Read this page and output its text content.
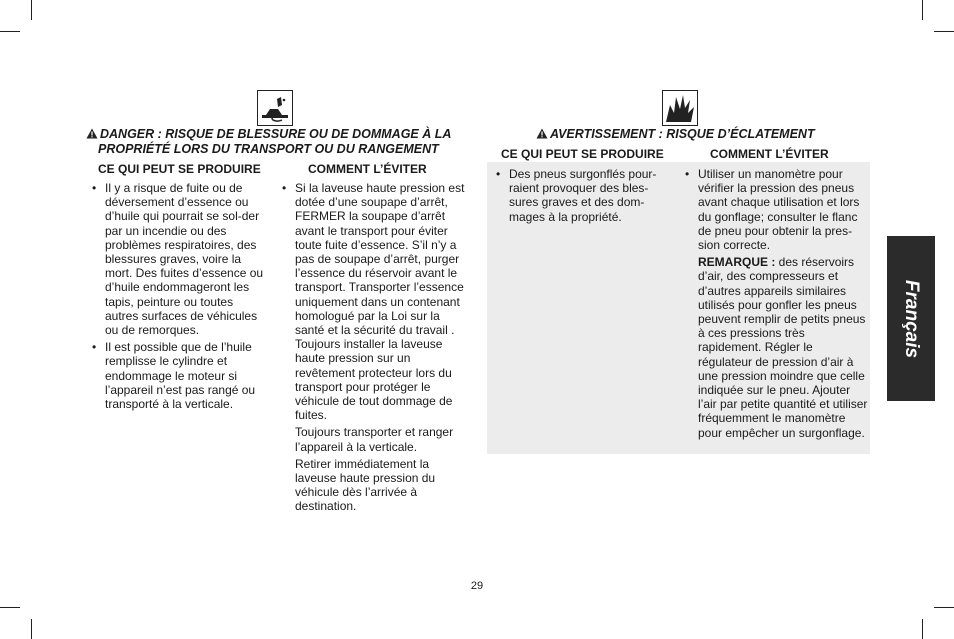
DANGER : RISQUE DE BLESSURE OU DE DOMMAGE À LA
PROPRIÉTÉ LORS DU TRANSPORT OU DU RANGEMENT
CE QUI PEUT SE PRODUIRE	COMMENT L’ÉVITER
• Il y a risque de fuite ou de déversement d’essence ou d’huile qui pourrait se sol-der par un incendie ou des problèmes respiratoires, des blessures graves, voire la mort. Des fuites d’essence ou d’huile endommageront les tapis, peinture ou toutes autres surfaces de véhicules ou de remorques.
• Il est possible que de l’huile remplisse le cylindre et endommage le moteur si l’appareil n’est pas rangé ou transporté à la verticale.
• Si la laveuse haute pression est dotée d’une soupape d’arrêt, FERMER la soupape d’arrêt avant le transport pour éviter toute fuite d’essence. S’il n’y a pas de soupape d’arrêt, purger l’essence du réservoir avant le transport. Transporter l’essence uniquement dans un contenant homologué par la Loi sur la santé et la sécurité du travail . Toujours installer la laveuse haute pression sur un revêtement protecteur lors du transport pour protéger le véhicule de tout dommage de fuites.

Toujours transporter et ranger l’appareil à la verticale.

Retirer immédiatement la laveuse haute pression du véhicule dès l’arrivée à destination.

AVERTISSEMENT : RISQUE D’ÉCLATEMENT
CE QUI PEUT SE PRODUIRE	COMMENT L’ÉVITER
• Des pneus surgonflés pour-raient provoquer des bles-sures graves et des dom-mages à la propriété.
• Utiliser un manomètre pour vérifier la pression des pneus avant chaque utilisation et lors du gonflage; consulter le flanc de pneu pour obtenir la pres-sion correcte.

REMARQUE : des réservoirs d’air, des compresseurs et d’autres appareils similaires utilisés pour gonfler les pneus peuvent remplir de petits pneus à ces pressions très rapidement. Régler le régulateur de pression d’air à une pression moindre que celle indiquée sur le pneu. Ajouter l’air par petite quantité et utiliser fréquemment le manomètre pour empêcher un surgonflage.

Français
29
